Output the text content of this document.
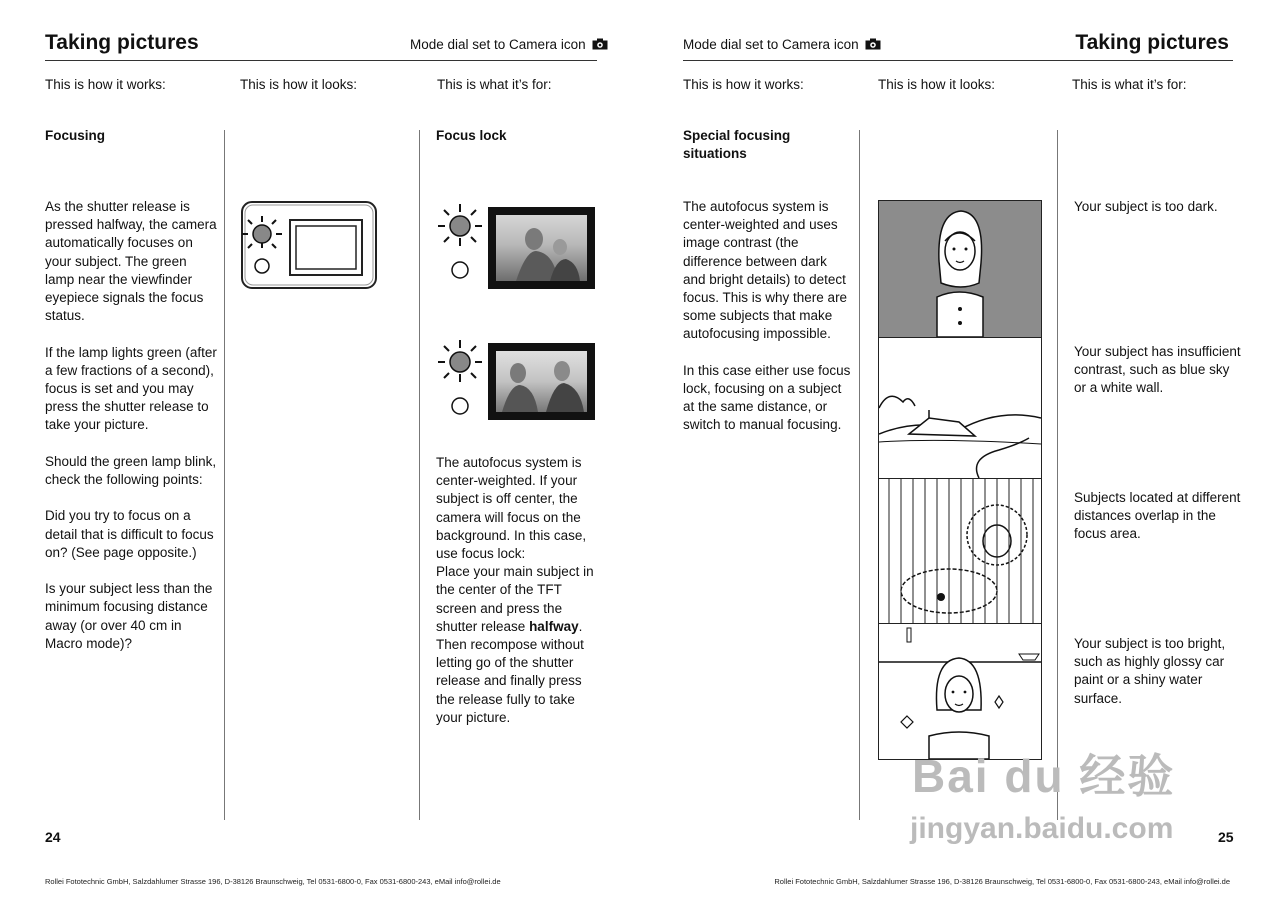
Taking pictures	Mode dial set to Camera icon
This is how it works:	This is how it looks:	This is what it’s for:
Focusing

As the shutter release is pressed halfway, the camera automatically focuses on your subject. The green lamp near the viewfinder eyepiece signals the focus status.

If the lamp lights green (after a few fractions of a second), focus is set and you may press the shutter release to take your picture.

Should the green lamp blink, check the following points:

Did you try to focus on a detail that is difficult to focus on? (See page opposite.)

Is your subject less than the minimum focusing distance away (or over 40 cm in Macro mode)?

Focus lock
The autofocus system is center-weighted. If your subject is off center, the camera will focus on the background. In this case, use focus lock:
Place your main subject in the center of the TFT screen and press the shutter release halfway. Then recompose without letting go of the shutter release and finally press the release fully to take your picture.
24
Rollei Fototechnic GmbH, Salzdahlumer Strasse 196, D-38126 Braunschweig, Tel 0531-6800-0, Fax 0531-6800-243, eMail info@rollei.de
Mode dial set to Camera icon	Taking pictures
This is how it works:	This is how it looks:	This is what it’s for:
Special focusing situations

The autofocus system is center-weighted and uses image contrast (the difference between dark and bright details) to detect focus. This is why there are some subjects that make autofocusing impossible.

In this case either use focus lock, focusing on a subject at the same distance, or switch to manual focusing.

Your subject is too dark.
Your subject has insufficient contrast, such as blue sky or a white wall.
Subjects located at different distances overlap in the focus area.
Your subject is too bright, such as highly glossy car paint or a shiny water surface.
Bai du 经验
jingyan.baidu.com	25
Rollei Fototechnic GmbH, Salzdahlumer Strasse 196, D-38126 Braunschweig, Tel 0531-6800-0, Fax 0531-6800-243, eMail info@rollei.de
